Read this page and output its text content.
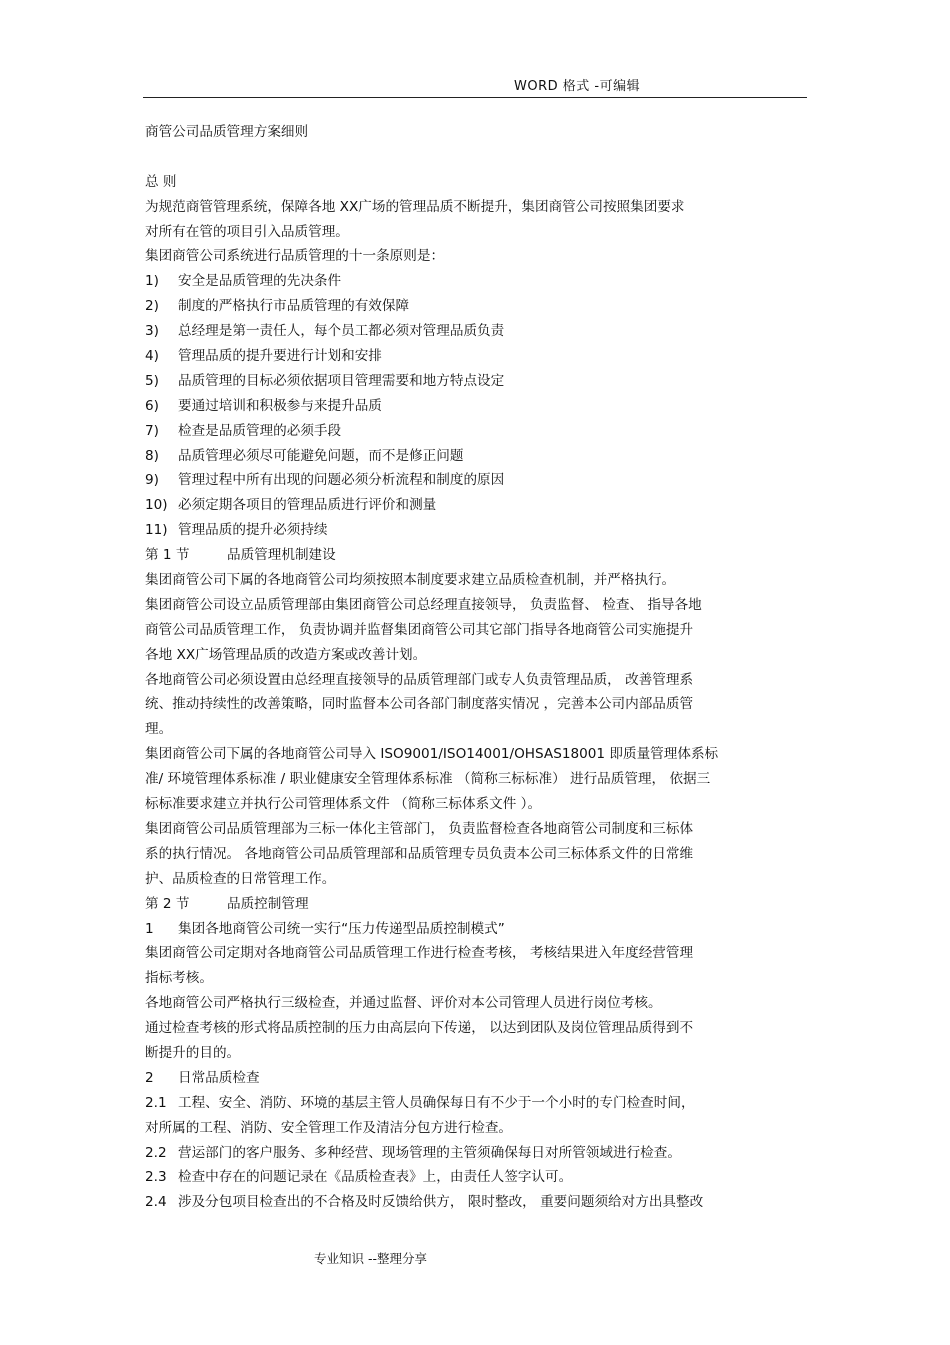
WORD 格式 -可编辑
商管公司品质管理方案细则
总 则
为规范商管管理系统，保障各地 XX广场的管理品质不断提升，集团商管公司按照集团要求
对所有在管的项目引入品质管理。
集团商管公司系统进行品质管理的十一条原则是：
1) 安全是品质管理的先决条件
2) 制度的严格执行市品质管理的有效保障
3) 总经理是第一责任人，每个员工都必须对管理品质负责
4) 管理品质的提升要进行计划和安排
5) 品质管理的目标必须依据项目管理需要和地方特点设定
6) 要通过培训和积极参与来提升品质
7) 检查是品质管理的必须手段
8) 品质管理必须尽可能避免问题，而不是修正问题
9) 管理过程中所有出现的问题必须分析流程和制度的原因
10) 必须定期各项目的管理品质进行评价和测量
11) 管理品质的提升必须持续
第 1 节	品质管理机制建设
集团商管公司下属的各地商管公司均须按照本制度要求建立品质检查机制，并严格执行。
集团商管公司设立品质管理部由集团商管公司总经理直接领导， 负责监督、 检查、 指导各地
商管公司品质管理工作， 负责协调并监督集团商管公司其它部门指导各地商管公司实施提升
各地 XX广场管理品质的改造方案或改善计划。
各地商管公司必须设置由总经理直接领导的品质管理部门或专人负责管理品质， 改善管理系
统、推动持续性的改善策略，同时监督本公司各部门制度落实情况 ，完善本公司内部品质管
理。
集团商管公司下属的各地商管公司导入 ISO9001/ISO14001/OHSAS18001 即质量管理体系标
准/ 环境管理体系标准 / 职业健康安全管理体系标准 （简称三标标准） 进行品质管理， 依据三
标标准要求建立并执行公司管理体系文件 （简称三标体系文件 ）。
集团商管公司品质管理部为三标一体化主管部门， 负责监督检查各地商管公司制度和三标体
系的执行情况。 各地商管公司品质管理部和品质管理专员负责本公司三标体系文件的日常维
护、品质检查的日常管理工作。
第 2 节	品质控制管理
1 集团各地商管公司统一实行“压力传递型品质控制模式”
集团商管公司定期对各地商管公司品质管理工作进行检查考核， 考核结果进入年度经营管理
指标考核。
各地商管公司严格执行三级检查，并通过监督、评价对本公司管理人员进行岗位考核。
通过检查考核的形式将品质控制的压力由高层向下传递， 以达到团队及岗位管理品质得到不
断提升的目的。
2 日常品质检查
2.1 工程、安全、消防、环境的基层主管人员确保每日有不少于一个小时的专门检查时间，
对所属的工程、消防、安全管理工作及清洁分包方进行检查。
2.2 营运部门的客户服务、多种经营、现场管理的主管须确保每日对所管领域进行检查。
2.3 检查中存在的问题记录在《品质检查表》上，由责任人签字认可。
2.4 涉及分包项目检查出的不合格及时反馈给供方， 限时整改， 重要问题须给对方出具整改
专业知识 --整理分享
